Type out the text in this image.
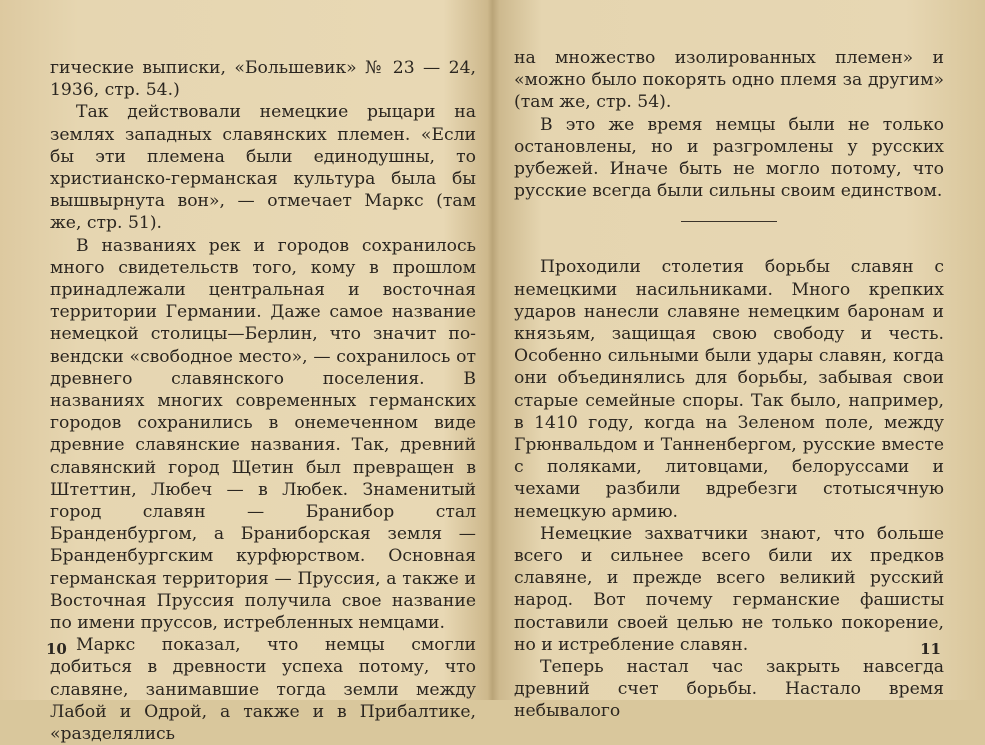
гические выписки, «Большевик» № 23 — 24, 1936, стр. 54.)

Так действовали немецкие рыцари на землях западных славянских племен. «Если бы эти племена были единодушны, то христианско-германская культура была бы вышвырнута вон», — отмечает Маркс (там же, стр. 51).

В названиях рек и городов сохранилось много свидетельств того, кому в прошлом принадлежали центральная и восточная территории Германии. Даже самое название немецкой столицы—Берлин, что значит по-вендски «свободное место», — сохранилось от древнего славянского поселения. В названиях многих современных германских городов сохранились в онемеченном виде древние славянские названия. Так, древний славянский город Щетин был превращен в Штеттин, Любеч — в Любек. Знаменитый город славян — Бранибор стал Бранденбургом, а Браниборская земля — Бранденбургским курфюрством. Основная германская территория — Пруссия, а также и Восточная Пруссия получила свое название по имени пруссов, истребленных немцами.

Маркс показал, что немцы смогли добиться в древности успеха потому, что славяне, занимавшие тогда земли между Лабой и Одрой, а также и в Прибалтике, «разделялись

10

на множество изолированных племен» и «можно было покорять одно племя за другим» (там же, стр. 54).

В это же время немцы были не только остановлены, но и разгромлены у русских рубежей. Иначе быть не могло потому, что русские всегда были сильны своим единством.

Проходили столетия борьбы славян с немецкими насильниками. Много крепких ударов нанесли славяне немецким баронам и князьям, защищая свою свободу и честь. Особенно сильными были удары славян, когда они объединялись для борьбы, забывая свои старые семейные споры. Так было, например, в 1410 году, когда на Зеленом поле, между Грюнвальдом и Танненбергом, русские вместе с поляками, литовцами, белоруссами и чехами разбили вдребезги стотысячную немецкую армию.

Немецкие захватчики знают, что больше всего и сильнее всего били их предков славяне, и прежде всего великий русский народ. Вот почему германские фашисты поставили своей целью не только покорение, но и истребление славян.

Теперь настал час закрыть навсегда древний счет борьбы. Настало время небывалого

11
